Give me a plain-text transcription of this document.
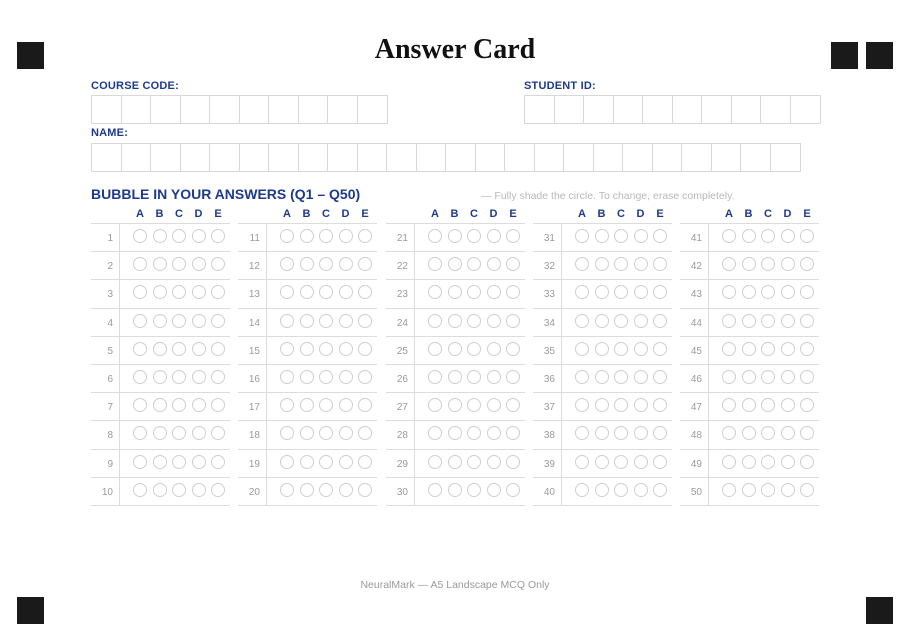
Answer Card
COURSE CODE:	STUDENT ID:
NAME:
BUBBLE IN YOUR ANSWERS (Q1 – Q50)	— Fully shade the circle. To change, erase completely.
A	B	C	D	E
1
2
3
4
5
6
7
8
9
10
A	B	C	D	E
11
12
13
14
15
16
17
18
19
20
A	B	C	D	E
21
22
23
24
25
26
27
28
29
30
A	B	C	D	E
31
32
33
34
35
36
37
38
39
40
A	B	C	D	E
41
42
43
44
45
46
47
48
49
50
NeuralMark — A5 Landscape MCQ Only
